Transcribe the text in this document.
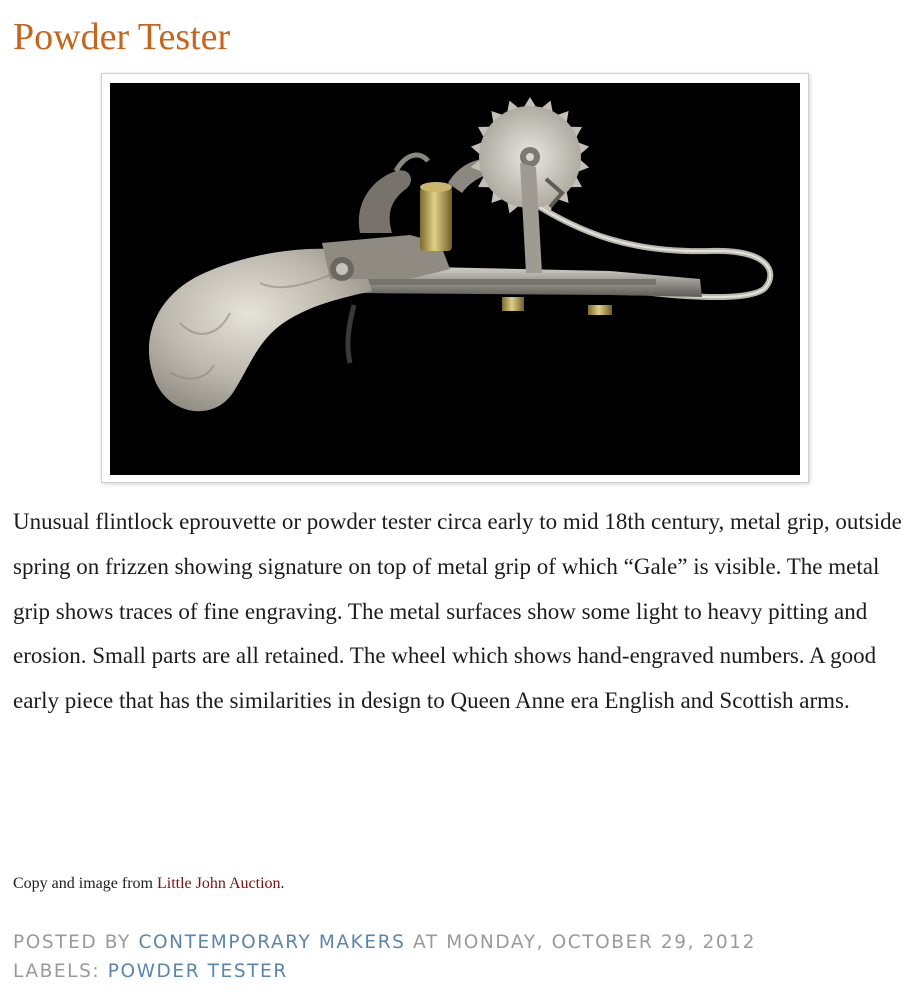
Powder Tester

Unusual flintlock eprouvette or powder tester circa early to mid 18th century, metal grip, outside spring on frizzen showing signature on top of metal grip of which “Gale” is visible. The metal grip shows traces of fine engraving. The metal surfaces show some light to heavy pitting and erosion. Small parts are all retained. The wheel which shows hand-engraved numbers. A good early piece that has the similarities in design to Queen Anne era English and Scottish arms.

Copy and image from Little John Auction.

POSTED BY CONTEMPORARY MAKERS AT MONDAY, OCTOBER 29, 2012
LABELS: POWDER TESTER
